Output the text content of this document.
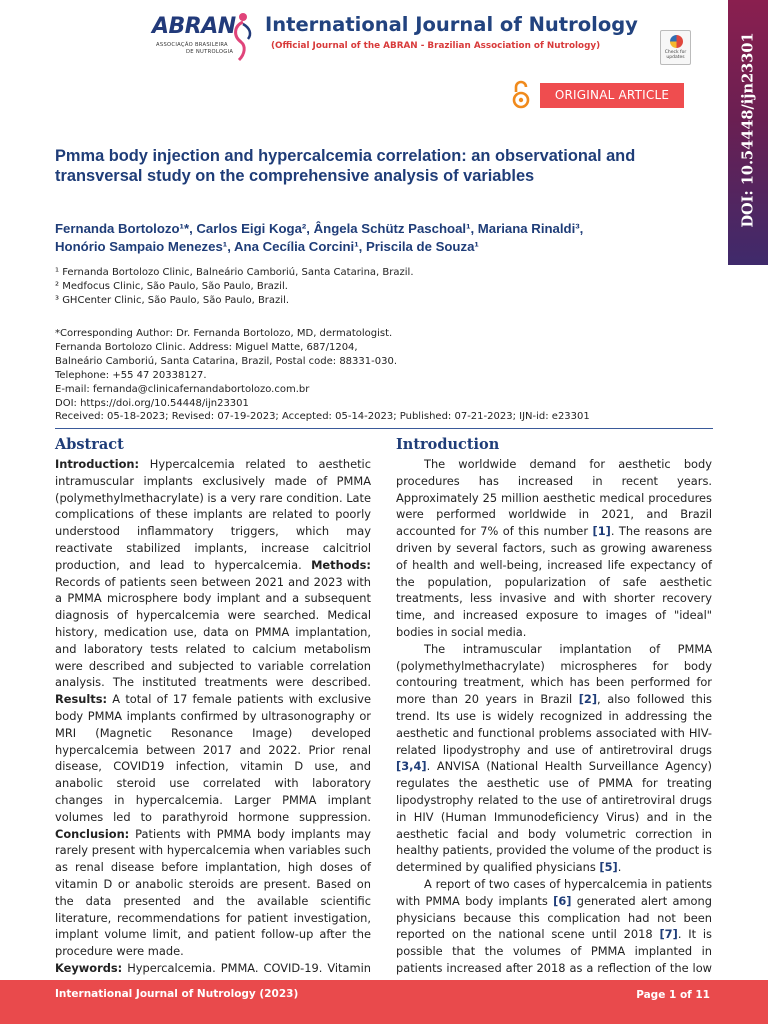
DOI: 10.54448/ijn23301
ABRAN
ASSOCIAÇÃO BRASILEIRA
DE NUTROLOGIA
International Journal of Nutrology
(Official Journal of the ABRAN - Brazilian Association of Nutrology)
Check for updates
ORIGINAL ARTICLE
Pmma body injection and hypercalcemia correlation: an observational and transversal study on the comprehensive analysis of variables
Fernanda Bortolozo¹*, Carlos Eigi Koga², Ângela Schütz Paschoal¹, Mariana Rinaldi³,
Honório Sampaio Menezes¹, Ana Cecília Corcini¹, Priscila de Souza¹
¹ Fernanda Bortolozo Clinic, Balneário Camboriú, Santa Catarina, Brazil.
² Medfocus Clinic, São Paulo, São Paulo, Brazil.
³ GHCenter Clinic, São Paulo, São Paulo, Brazil.
*Corresponding Author: Dr. Fernanda Bortolozo, MD, dermatologist.
Fernanda Bortolozo Clinic. Address: Miguel Matte, 687/1204,
Balneário Camboriú, Santa Catarina, Brazil, Postal code: 88331-030.
Telephone: +55 47 20338127.
E-mail: fernanda@clinicafernandabortolozo.com.br
DOI: https://doi.org/10.54448/ijn23301
Received: 05-18-2023; Revised: 07-19-2023; Accepted: 05-14-2023; Published: 07-21-2023; IJN-id: e23301
Abstract

Introduction: Hypercalcemia related to aesthetic intramuscular implants exclusively made of PMMA (polymethylmethacrylate) is a very rare condition. Late complications of these implants are related to poorly understood inflammatory triggers, which may reactivate stabilized implants, increase calcitriol production, and lead to hypercalcemia. Methods: Records of patients seen between 2021 and 2023 with a PMMA microsphere body implant and a subsequent diagnosis of hypercalcemia were searched. Medical history, medication use, data on PMMA implantation, and laboratory tests related to calcium metabolism were described and subjected to variable correlation analysis. The instituted treatments were described. Results: A total of 17 female patients with exclusive body PMMA implants confirmed by ultrasonography or MRI (Magnetic Resonance Image) developed hypercalcemia between 2017 and 2022. Prior renal disease, COVID19 infection, vitamin D use, and anabolic steroid use correlated with laboratory changes in hypercalcemia. Larger PMMA implant volumes led to parathyroid hormone suppression. Conclusion: Patients with PMMA body implants may rarely present with hypercalcemia when variables such as renal disease before implantation, high doses of vitamin D or anabolic steroids are present. Based on the data presented and the available scientific literature, recommendations for patient investigation, implant volume limit, and patient follow-up after the procedure were made.

Keywords: Hypercalcemia. PMMA. COVID-19. Vitamin

Introduction

The worldwide demand for aesthetic body procedures has increased in recent years. Approximately 25 million aesthetic medical procedures were performed worldwide in 2021, and Brazil accounted for 7% of this number [1]. The reasons are driven by several factors, such as growing awareness of health and well-being, increased life expectancy of the population, popularization of safe aesthetic treatments, less invasive and with shorter recovery time, and increased exposure to images of "ideal" bodies in social media.

The intramuscular implantation of PMMA (polymethylmethacrylate) microspheres for body contouring treatment, which has been performed for more than 20 years in Brazil [2], also followed this trend. Its use is widely recognized in addressing the aesthetic and functional problems associated with HIV-related lipodystrophy and use of antiretroviral drugs [3,4]. ANVISA (National Health Surveillance Agency) regulates the aesthetic use of PMMA for treating lipodystrophy related to the use of antiretroviral drugs in HIV (Human Immunodeficiency Virus) and in the aesthetic facial and body volumetric correction in healthy patients, provided the volume of the product is determined by qualified physicians [5].

A report of two cases of hypercalcemia in patients with PMMA body implants [6] generated alert among physicians because this complication had not been reported on the national scene until 2018 [7]. It is possible that the volumes of PMMA implanted in patients increased after 2018 as a reflection of the low

International Journal of Nutrology (2023)	Page 1 of 11
